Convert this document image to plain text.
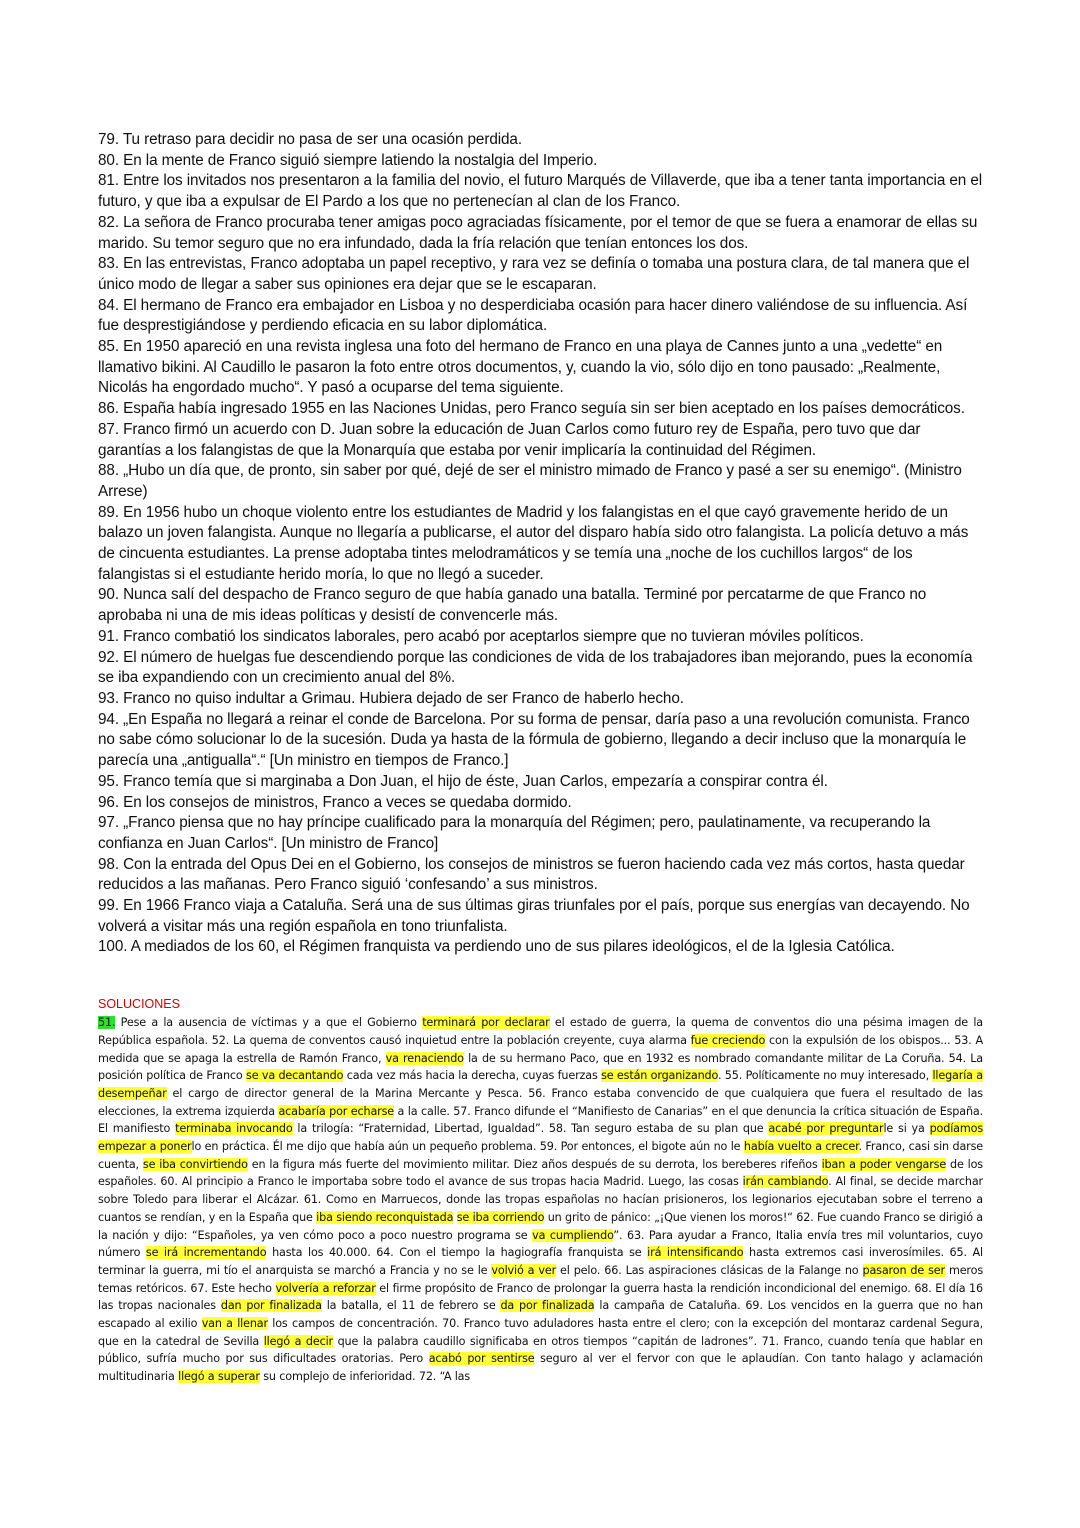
79. Tu retraso para decidir no pasa de ser una ocasión perdida.

80. En la mente de Franco siguió siempre latiendo la nostalgia del Imperio.

81. Entre los invitados nos presentaron a la familia del novio, el futuro Marqués de Villaverde, que iba a tener tanta importancia en el futuro, y que iba a expulsar de El Pardo a los que no pertenecían al clan de los Franco.

82. La señora de Franco procuraba tener amigas poco agraciadas físicamente, por el temor de que se fuera a enamorar de ellas su marido. Su temor seguro que no era infundado, dada la fría relación que tenían entonces los dos.

83. En las entrevistas, Franco adoptaba un papel receptivo, y rara vez se definía o tomaba una postura clara, de tal manera que el único modo de llegar a saber sus opiniones era dejar que se le escaparan.

84. El hermano de Franco era embajador en Lisboa y no desperdiciaba ocasión para hacer dinero valiéndose de su influencia. Así fue desprestigiándose y perdiendo eficacia en su labor diplomática.

85. En 1950 apareció en una revista inglesa una foto del hermano de Franco en una playa de Cannes junto a una „vedette“ en llamativo bikini. Al Caudillo le pasaron la foto entre otros documentos, y, cuando la vio, sólo dijo en tono pausado: „Realmente, Nicolás ha engordado mucho“. Y pasó a ocuparse del tema siguiente.

86. España había ingresado 1955 en las Naciones Unidas, pero Franco seguía sin ser bien aceptado en los países democráticos.

87. Franco firmó un acuerdo con D. Juan sobre la educación de Juan Carlos como futuro rey de España, pero tuvo que dar garantías a los falangistas de que la Monarquía que estaba por venir implicaría la continuidad del Régimen.

88. „Hubo un día que, de pronto, sin saber por qué, dejé de ser el ministro mimado de Franco y pasé a ser su enemigo“. (Ministro Arrese)

89. En 1956 hubo un choque violento entre los estudiantes de Madrid y los falangistas en el que cayó gravemente herido de un balazo un joven falangista. Aunque no llegaría a publicarse, el autor del disparo había sido otro falangista. La policía detuvo a más de cincuenta estudiantes. La prense adoptaba tintes melodramáticos y se temía una „noche de los cuchillos largos“ de los falangistas si el estudiante herido moría, lo que no llegó a suceder.

90. Nunca salí del despacho de Franco seguro de que había ganado una batalla. Terminé por percatarme de que Franco no aprobaba ni una de mis ideas políticas y desistí de convencerle más.

91. Franco combatió los sindicatos laborales, pero acabó por aceptarlos siempre que no tuvieran móviles políticos.

92. El número de huelgas fue descendiendo porque las condiciones de vida de los trabajadores iban mejorando, pues la economía se iba expandiendo con un crecimiento anual del 8%.

93. Franco no quiso indultar a Grimau. Hubiera dejado de ser Franco de haberlo hecho.

94. „En España no llegará a reinar el conde de Barcelona. Por su forma de pensar, daría paso a una revolución comunista. Franco no sabe cómo solucionar lo de la sucesión. Duda ya hasta de la fórmula de gobierno, llegando a decir incluso que la monarquía le parecía una „antigualla“.“ [Un ministro en tiempos de Franco.]

95. Franco temía que si marginaba a Don Juan, el hijo de éste, Juan Carlos, empezaría a conspirar contra él.

96. En los consejos de ministros, Franco a veces se quedaba dormido.

97. „Franco piensa que no hay príncipe cualificado para la monarquía del Régimen; pero, paulatinamente, va recuperando la confianza en Juan Carlos“. [Un ministro de Franco]

98. Con la entrada del Opus Dei en el Gobierno, los consejos de ministros se fueron haciendo cada vez más cortos, hasta quedar reducidos a las mañanas. Pero Franco siguió ‘confesando’ a sus ministros.

99. En 1966 Franco viaja a Cataluña. Será una de sus últimas giras triunfales por el país, porque sus energías van decayendo. No volverá a visitar más una región española en tono triunfalista.

100. A mediados de los 60, el Régimen franquista va perdiendo uno de sus pilares ideológicos, el de la Iglesia Católica.

SOLUCIONES
51. Pese a la ausencia de víctimas y a que el Gobierno terminará por declarar el estado de guerra, la quema de conventos dio una pésima imagen de la República española. 52. La quema de conventos causó inquietud entre la población creyente, cuya alarma fue creciendo con la expulsión de los obispos... 53. A medida que se apaga la estrella de Ramón Franco, va renaciendo la de su hermano Paco, que en 1932 es nombrado comandante militar de La Coruña. 54. La posición política de Franco se va decantando cada vez más hacia la derecha, cuyas fuerzas se están organizando. 55. Políticamente no muy interesado, llegaría a desempeñar el cargo de director general de la Marina Mercante y Pesca. 56. Franco estaba convencido de que cualquiera que fuera el resultado de las elecciones, la extrema izquierda acabaría por echarse a la calle. 57. Franco difunde el “Manifiesto de Canarias” en el que denuncia la crítica situación de España. El manifiesto terminaba invocando la trilogía: “Fraternidad, Libertad, Igualdad”. 58. Tan seguro estaba de su plan que acabé por preguntarle si ya podíamos empezar a ponerlo en práctica. Él me dijo que había aún un pequeño problema. 59. Por entonces, el bigote aún no le había vuelto a crecer. Franco, casi sin darse cuenta, se iba convirtiendo en la figura más fuerte del movimiento militar. Diez años después de su derrota, los bereberes rifeños iban a poder vengarse de los españoles. 60. Al principio a Franco le importaba sobre todo el avance de sus tropas hacia Madrid. Luego, las cosas irán cambiando. Al final, se decide marchar sobre Toledo para liberar el Alcázar. 61. Como en Marruecos, donde las tropas españolas no hacían prisioneros, los legionarios ejecutaban sobre el terreno a cuantos se rendían, y en la España que iba siendo reconquistada se iba corriendo un grito de pánico: „¡Que vienen los moros!“ 62. Fue cuando Franco se dirigió a la nación y dijo: “Españoles, ya ven cómo poco a poco nuestro programa se va cumpliendo”. 63. Para ayudar a Franco, Italia envía tres mil voluntarios, cuyo número se irá incrementando hasta los 40.000. 64. Con el tiempo la hagiografía franquista se irá intensificando hasta extremos casi inverosímiles. 65. Al terminar la guerra, mi tío el anarquista se marchó a Francia y no se le volvió a ver el pelo. 66. Las aspiraciones clásicas de la Falange no pasaron de ser meros temas retóricos. 67. Este hecho volvería a reforzar el firme propósito de Franco de prolongar la guerra hasta la rendición incondicional del enemigo. 68. El día 16 las tropas nacionales dan por finalizada la batalla, el 11 de febrero se da por finalizada la campaña de Cataluña. 69. Los vencidos en la guerra que no han escapado al exilio van a llenar los campos de concentración. 70. Franco tuvo aduladores hasta entre el clero; con la excepción del montaraz cardenal Segura, que en la catedral de Sevilla llegó a decir que la palabra caudillo significaba en otros tiempos “capitán de ladrones”. 71. Franco, cuando tenía que hablar en público, sufría mucho por sus dificultades oratorias. Pero acabó por sentirse seguro al ver el fervor con que le aplaudían. Con tanto halago y aclamación multitudinaria llegó a superar su complejo de inferioridad. 72. “A las
